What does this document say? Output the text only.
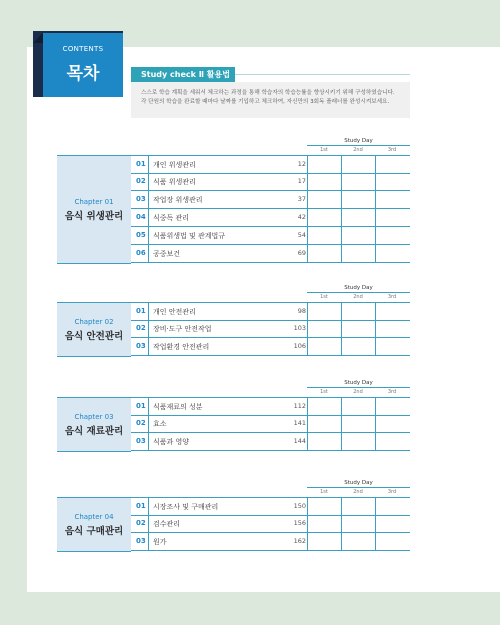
CONTENTS
목차	Study check Ⅱ 활용법
스스로 학습 계획을 세워서 체크하는 과정을 통해 학습자의 학습능률을 향상시키기 위해 구성하였습니다.
각 단원의 학습을 완료할 때마다 날짜를 기입하고 체크하여, 자신만의 3회독 플래너를 완성시켜보세요.
Study Day
1st	2nd	3rd
Chapter 01
음식 위생관리
01 개인 위생관리	12
02 식품 위생관리	17
03 작업장 위생관리	37
04 식중독 관리	42
05 식품위생법 및 관계법규	54
06 공중보건	69
Study Day
1st	2nd	3rd
Chapter 02
음식 안전관리
01 개인 안전관리	98
02 장비·도구 안전작업	103
03 작업환경 안전관리	106
Study Day
1st	2nd	3rd
Chapter 03
음식 재료관리
01 식품재료의 성분	112
02 효소	141
03 식품과 영양	144
Study Day
1st	2nd	3rd
Chapter 04
음식 구매관리
01 시장조사 및 구매관리	150
02 검수관리	156
03 원가	162
